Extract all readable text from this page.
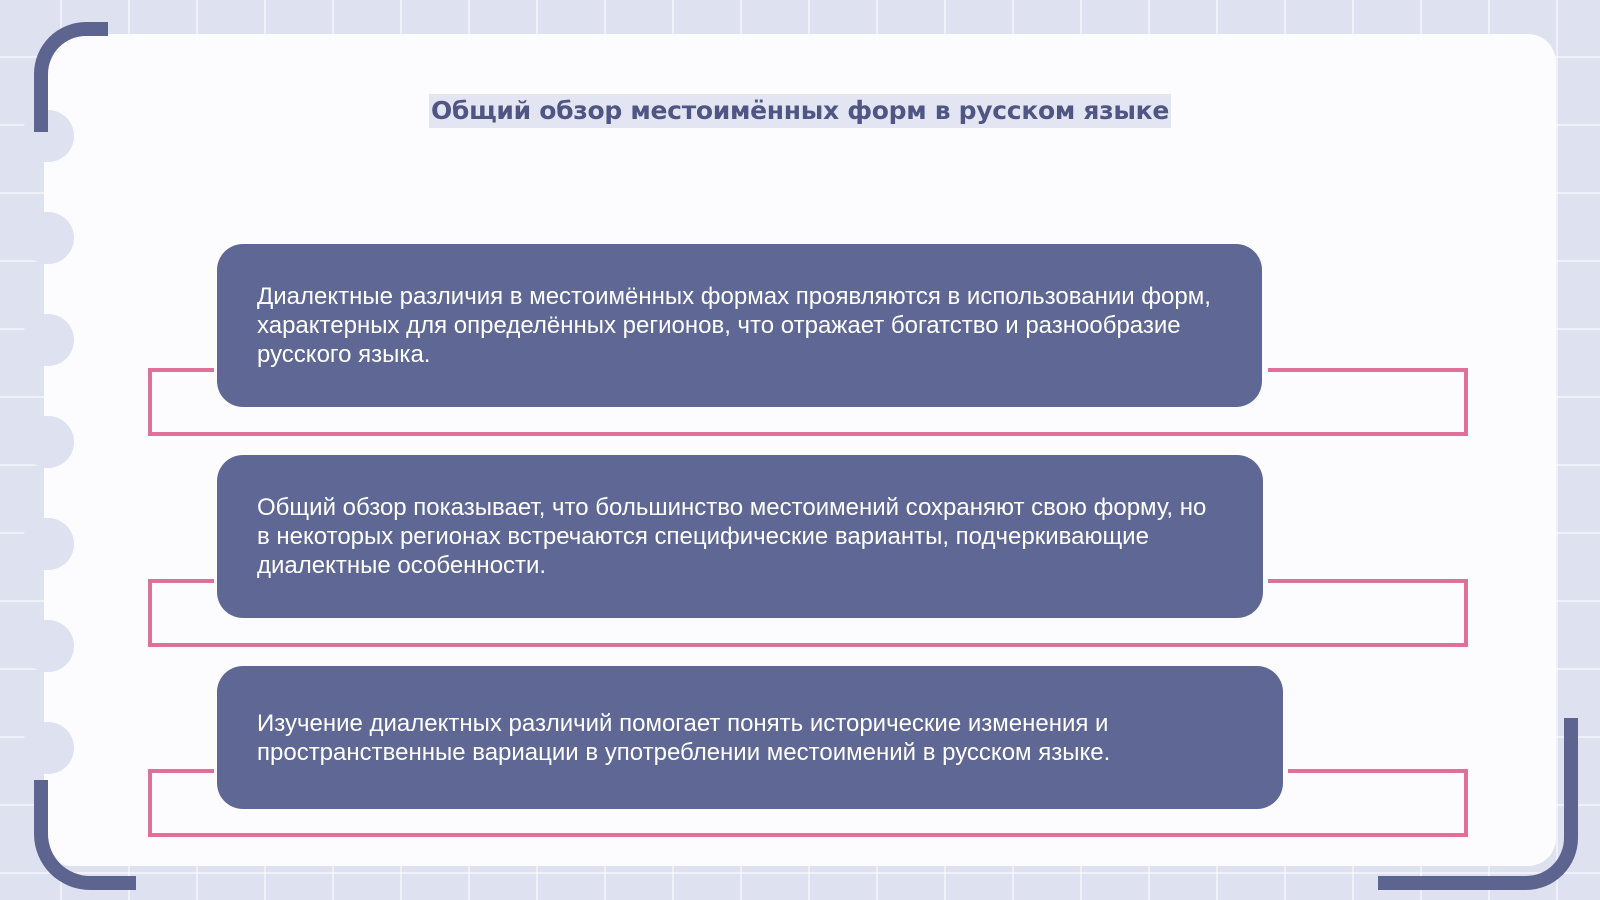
Общий обзор местоимённых форм в русском языке
Диалектные различия в местоимённых формах проявляются в использовании форм, характерных для определённых регионов, что отражает богатство и разнообразие русского языка.
Общий обзор показывает, что большинство местоимений сохраняют свою форму, но в некоторых регионах встречаются специфические варианты, подчеркивающие диалектные особенности.
Изучение диалектных различий помогает понять исторические изменения и пространственные вариации в употреблении местоимений в русском языке.
